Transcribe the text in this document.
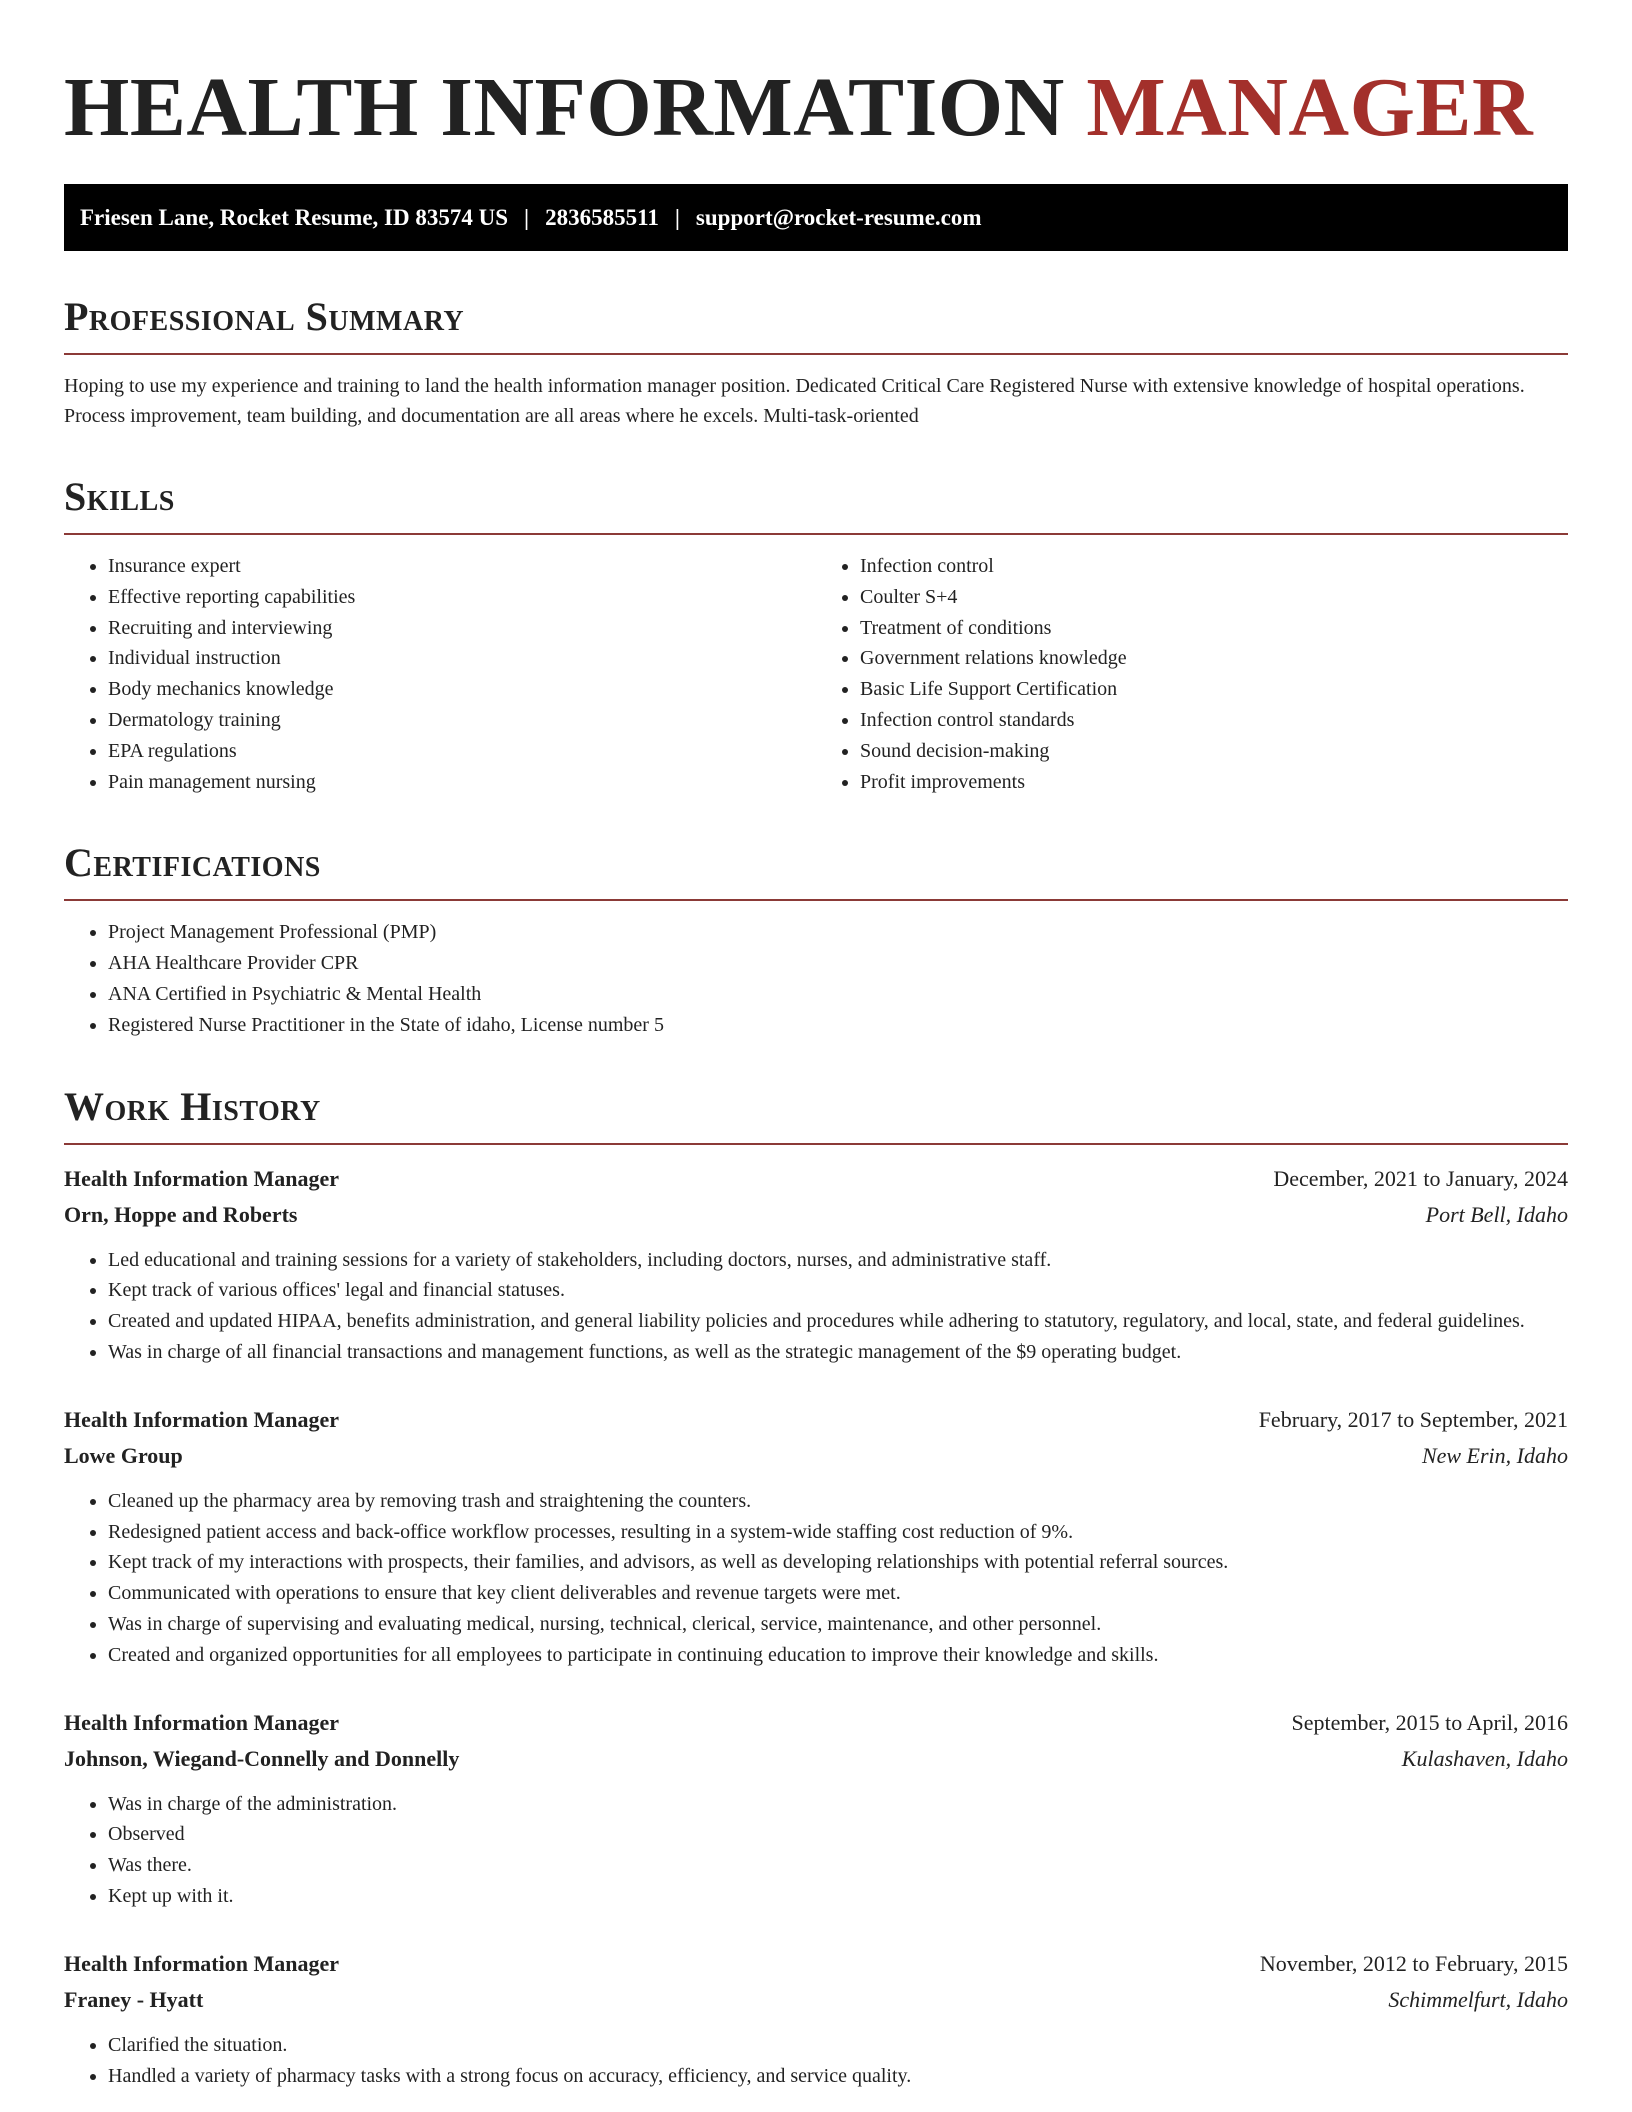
HEALTH INFORMATION MANAGER
Friesen Lane, Rocket Resume, ID 83574 US | 2836585511 | support@rocket-resume.com
Professional Summary

Hoping to use my experience and training to land the health information manager position. Dedicated Critical Care Registered Nurse with extensive knowledge of hospital operations. Process improvement, team building, and documentation are all areas where he excels. Multi-task-oriented

Skills
• Insurance expert
• Effective reporting capabilities
• Recruiting and interviewing
• Individual instruction
• Body mechanics knowledge
• Dermatology training
• EPA regulations
• Pain management nursing
• Infection control
• Coulter S+4
• Treatment of conditions
• Government relations knowledge
• Basic Life Support Certification
• Infection control standards
• Sound decision-making
• Profit improvements
Certifications
• Project Management Professional (PMP)
• AHA Healthcare Provider CPR
• ANA Certified in Psychiatric & Mental Health
• Registered Nurse Practitioner in the State of idaho, License number 5
Work History
Health Information Manager	December, 2021 to January, 2024
Orn, Hoppe and Roberts	Port Bell, Idaho
• Led educational and training sessions for a variety of stakeholders, including doctors, nurses, and administrative staff.
• Kept track of various offices' legal and financial statuses.
• Created and updated HIPAA, benefits administration, and general liability policies and procedures while adhering to statutory, regulatory, and local, state, and federal guidelines.
• Was in charge of all financial transactions and management functions, as well as the strategic management of the $9 operating budget.
Health Information Manager	February, 2017 to September, 2021
Lowe Group	New Erin, Idaho
• Cleaned up the pharmacy area by removing trash and straightening the counters.
• Redesigned patient access and back-office workflow processes, resulting in a system-wide staffing cost reduction of 9%.
• Kept track of my interactions with prospects, their families, and advisors, as well as developing relationships with potential referral sources.
• Communicated with operations to ensure that key client deliverables and revenue targets were met.
• Was in charge of supervising and evaluating medical, nursing, technical, clerical, service, maintenance, and other personnel.
• Created and organized opportunities for all employees to participate in continuing education to improve their knowledge and skills.
Health Information Manager	September, 2015 to April, 2016
Johnson, Wiegand-Connelly and Donnelly	Kulashaven, Idaho
• Was in charge of the administration.
• Observed
• Was there.
• Kept up with it.
Health Information Manager	November, 2012 to February, 2015
Franey - Hyatt	Schimmelfurt, Idaho
• Clarified the situation.
• Handled a variety of pharmacy tasks with a strong focus on accuracy, efficiency, and service quality.
